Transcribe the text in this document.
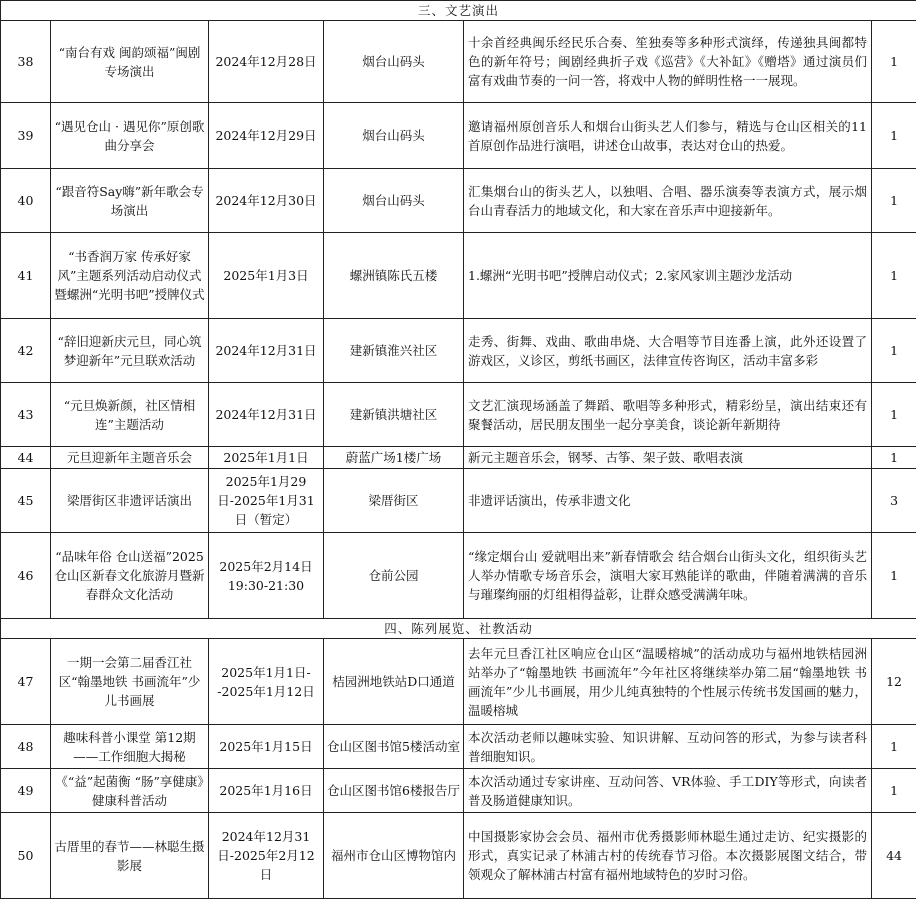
三、文艺演出					
38	“南台有戏 闽韵颂福”闽剧专场演出	2024年12月28日	烟台山码头	十余首经典闽乐经民乐合奏、笙独奏等多种形式演绎，传递独具闽都特色的新年符号；闽剧经典折子戏《巡营》《大补缸》《赠塔》通过演员们富有戏曲节奏的一问一答，将戏中人物的鲜明性格一一展现。	1
39	“遇见仓山 · 遇见你”原创歌曲分享会	2024年12月29日	烟台山码头	邀请福州原创音乐人和烟台山街头艺人们参与，精选与仓山区相关的11首原创作品进行演唱，讲述仓山故事，表达对仓山的热爱。	1
40	“跟音符Say嗨”新年歌会专场演出	2024年12月30日	烟台山码头	汇集烟台山的街头艺人，以独唱、合唱、器乐演奏等表演方式，展示烟台山青春活力的地域文化，和大家在音乐声中迎接新年。	1
41	“书香润万家 传承好家风”主题系列活动启动仪式暨螺洲“光明书吧”授牌仪式	2025年1月3日	螺洲镇陈氏五楼	1.螺洲“光明书吧”授牌启动仪式；2.家风家训主题沙龙活动	1
42	“辞旧迎新庆元旦，同心筑梦迎新年”元旦联欢活动	2024年12月31日	建新镇淮兴社区	走秀、街舞、戏曲、歌曲串烧、大合唱等节目连番上演，此外还设置了游戏区，义诊区，剪纸书画区，法律宣传咨询区，活动丰富多彩	1
43	“元旦焕新颜，社区情相连”主题活动	2024年12月31日	建新镇洪塘社区	文艺汇演现场涵盖了舞蹈、歌唱等多种形式，精彩纷呈，演出结束还有聚餐活动，居民朋友围坐一起分享美食，谈论新年新期待	1
44	元旦迎新年主题音乐会	2025年1月1日	蔚蓝广场1楼广场	新元主题音乐会，钢琴、古筝、架子鼓、歌唱表演	1
45	梁厝街区非遗评话演出	2025年1月29日-2025年1月31日（暂定）	梁厝街区	非遗评话演出，传承非遗文化	3
46	“品味年俗 仓山送福”2025仓山区新春文化旅游月暨新春群众文化活动	2025年2月14日 19:30-21:30	仓前公园	“缘定烟台山 爱就唱出来”新春情歌会 结合烟台山街头文化，组织街头艺人举办情歌专场音乐会，演唱大家耳熟能详的歌曲，伴随着满满的音乐与璀璨绚丽的灯组相得益彰，让群众感受满满年味。	1
四、陈列展览、社教活动					
47	一期一会第二届香江社区“翰墨地铁 书画流年”少儿书画展	2025年1月1日--2025年1月12日	桔园洲地铁站D口通道	去年元旦香江社区响应仓山区“温暖榕城”的活动成功与福州地铁桔园洲站举办了“翰墨地铁 书画流年”今年社区将继续举办第二届“翰墨地铁 书画流年”少儿书画展，用少儿纯真独特的个性展示传统书发国画的魅力，温暖榕城	12
48	趣味科普小课堂 第12期——工作细胞大揭秘	2025年1月15日	仓山区图书馆5楼活动室	本次活动老师以趣味实验、知识讲解、互动问答的形式，为参与读者科普细胞知识。	1
49	《“益”起菌衡 “肠”享健康》健康科普活动	2025年1月16日	仓山区图书馆6楼报告厅	本次活动通过专家讲座、互动问答、VR体验、手工DIY等形式，向读者普及肠道健康知识。	1
50	古厝里的春节——林聪生摄影展	2024年12月31日-2025年2月12日	福州市仓山区博物馆内	中国摄影家协会会员、福州市优秀摄影师林聪生通过走访、纪实摄影的形式，真实记录了林浦古村的传统春节习俗。本次摄影展图文结合，带领观众了解林浦古村富有福州地域特色的岁时习俗。	44
